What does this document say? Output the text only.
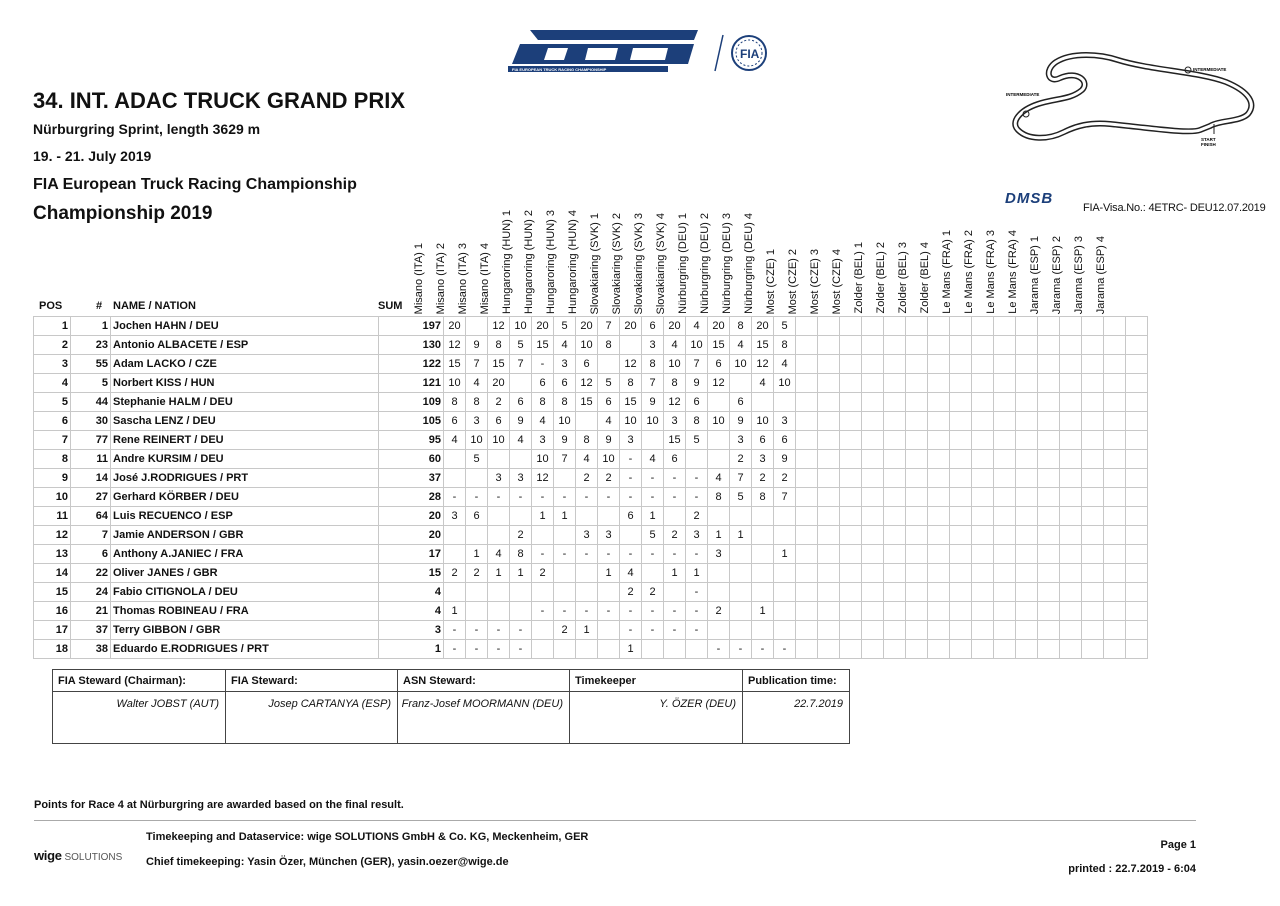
FIA EUROPEAN TRUCK RACING CHAMPIONSHIP
FIA
INTERMEDIATE
INTERMEDIATE
START
FINISH
DMSB
FIA-Visa.No.: 4ETRC- DEU12.07.2019
34. INT. ADAC TRUCK GRAND PRIX
Nürburgring Sprint, length 3629 m
19. - 21. July 2019
FIA European Truck Racing Championship
Championship 2019
POS	# NAME / NATION	SUM Misano (ITA) 1 Misano (ITA) 2 Misano (ITA) 3 Misano (ITA) 4 Hungaroring (HUN) 1 Hungaroring (HUN) 2 Hungaroring (HUN) 3 Hungaroring (HUN) 4 Slovakiaring (SVK) 1 Slovakiaring (SVK) 2 Slovakiaring (SVK) 3 Slovakiaring (SVK) 4 Nürburgring (DEU) 1 Nürburgring (DEU) 2 Nürburgring (DEU) 3 Nürburgring (DEU) 4 Most (CZE) 1 Most (CZE) 2 Most (CZE) 3 Most (CZE) 4 Zolder (BEL) 1 Zolder (BEL) 2 Zolder (BEL) 3 Zolder (BEL) 4 Le Mans (FRA) 1 Le Mans (FRA) 2 Le Mans (FRA) 3 Le Mans (FRA) 4 Jarama (ESP) 1 Jarama (ESP) 2 Jarama (ESP) 3 Jarama (ESP) 4
1	1	Jochen HAHN / DEU	197	20		12	10	20	5	20	7	20	6	20	4	20	8	20	5																
2	23	Antonio ALBACETE / ESP	130	12	9	8	5	15	4	10	8		3	4	10	15	4	15	8																
3	55	Adam LACKO / CZE	122	15	7	15	7	-	3	6		12	8	10	7	6	10	12	4																
4	5	Norbert KISS / HUN	121	10	4	20		6	6	12	5	8	7	8	9	12		4	10																
5	44	Stephanie HALM / DEU	109	8	8	2	6	8	8	15	6	15	9	12	6		6																		
6	30	Sascha LENZ / DEU	105	6	3	6	9	4	10		4	10	10	3	8	10	9	10	3																
7	77	Rene REINERT / DEU	95	4	10	10	4	3	9	8	9	3		15	5		3	6	6																
8	11	Andre KURSIM / DEU	60		5			10	7	4	10	-	4	6			2	3	9																
9	14	José J.RODRIGUES / PRT	37			3	3	12		2	2	-	-	-	-	4	7	2	2																
10	27	Gerhard KÖRBER / DEU	28	-	-	-	-	-	-	-	-	-	-	-	-	8	5	8	7																
11	64	Luis RECUENCO / ESP	20	3	6			1	1			6	1		2																				
12	7	Jamie ANDERSON / GBR	20				2			3	3		5	2	3	1	1																		
13	6	Anthony A.JANIEC / FRA	17		1	4	8	-	-	-	-	-	-	-	-	3			1																
14	22	Oliver JANES / GBR	15	2	2	1	1	2			1	4		1	1																				
15	24	Fabio CITIGNOLA / DEU	4									2	2		-																				
16	21	Thomas ROBINEAU / FRA	4	1				-	-	-	-	-	-	-	-	2		1																	
17	37	Terry GIBBON / GBR	3	-	-	-	-		2	1		-	-	-	-																				
18	38	Eduardo E.RODRIGUES / PRT	1	-	-	-	-					1				-	-	-	-																
FIA Steward (Chairman):	FIA Steward:	ASN Steward:	Timekeeper	Publication time:
Walter JOBST (AUT)	Josep CARTANYA (ESP)	Franz-Josef MOORMANN (DEU)	Y. ÖZER (DEU)	22.7.2019
Points for Race 4 at Nürburgring are awarded based on the final result.
wige SOLUTIONS
Timekeeping and Dataservice: wige SOLUTIONS GmbH & Co. KG, Meckenheim, GER
Chief timekeeping: Yasin Özer, München (GER), yasin.oezer@wige.de
Page 1
printed : 22.7.2019 - 6:04
